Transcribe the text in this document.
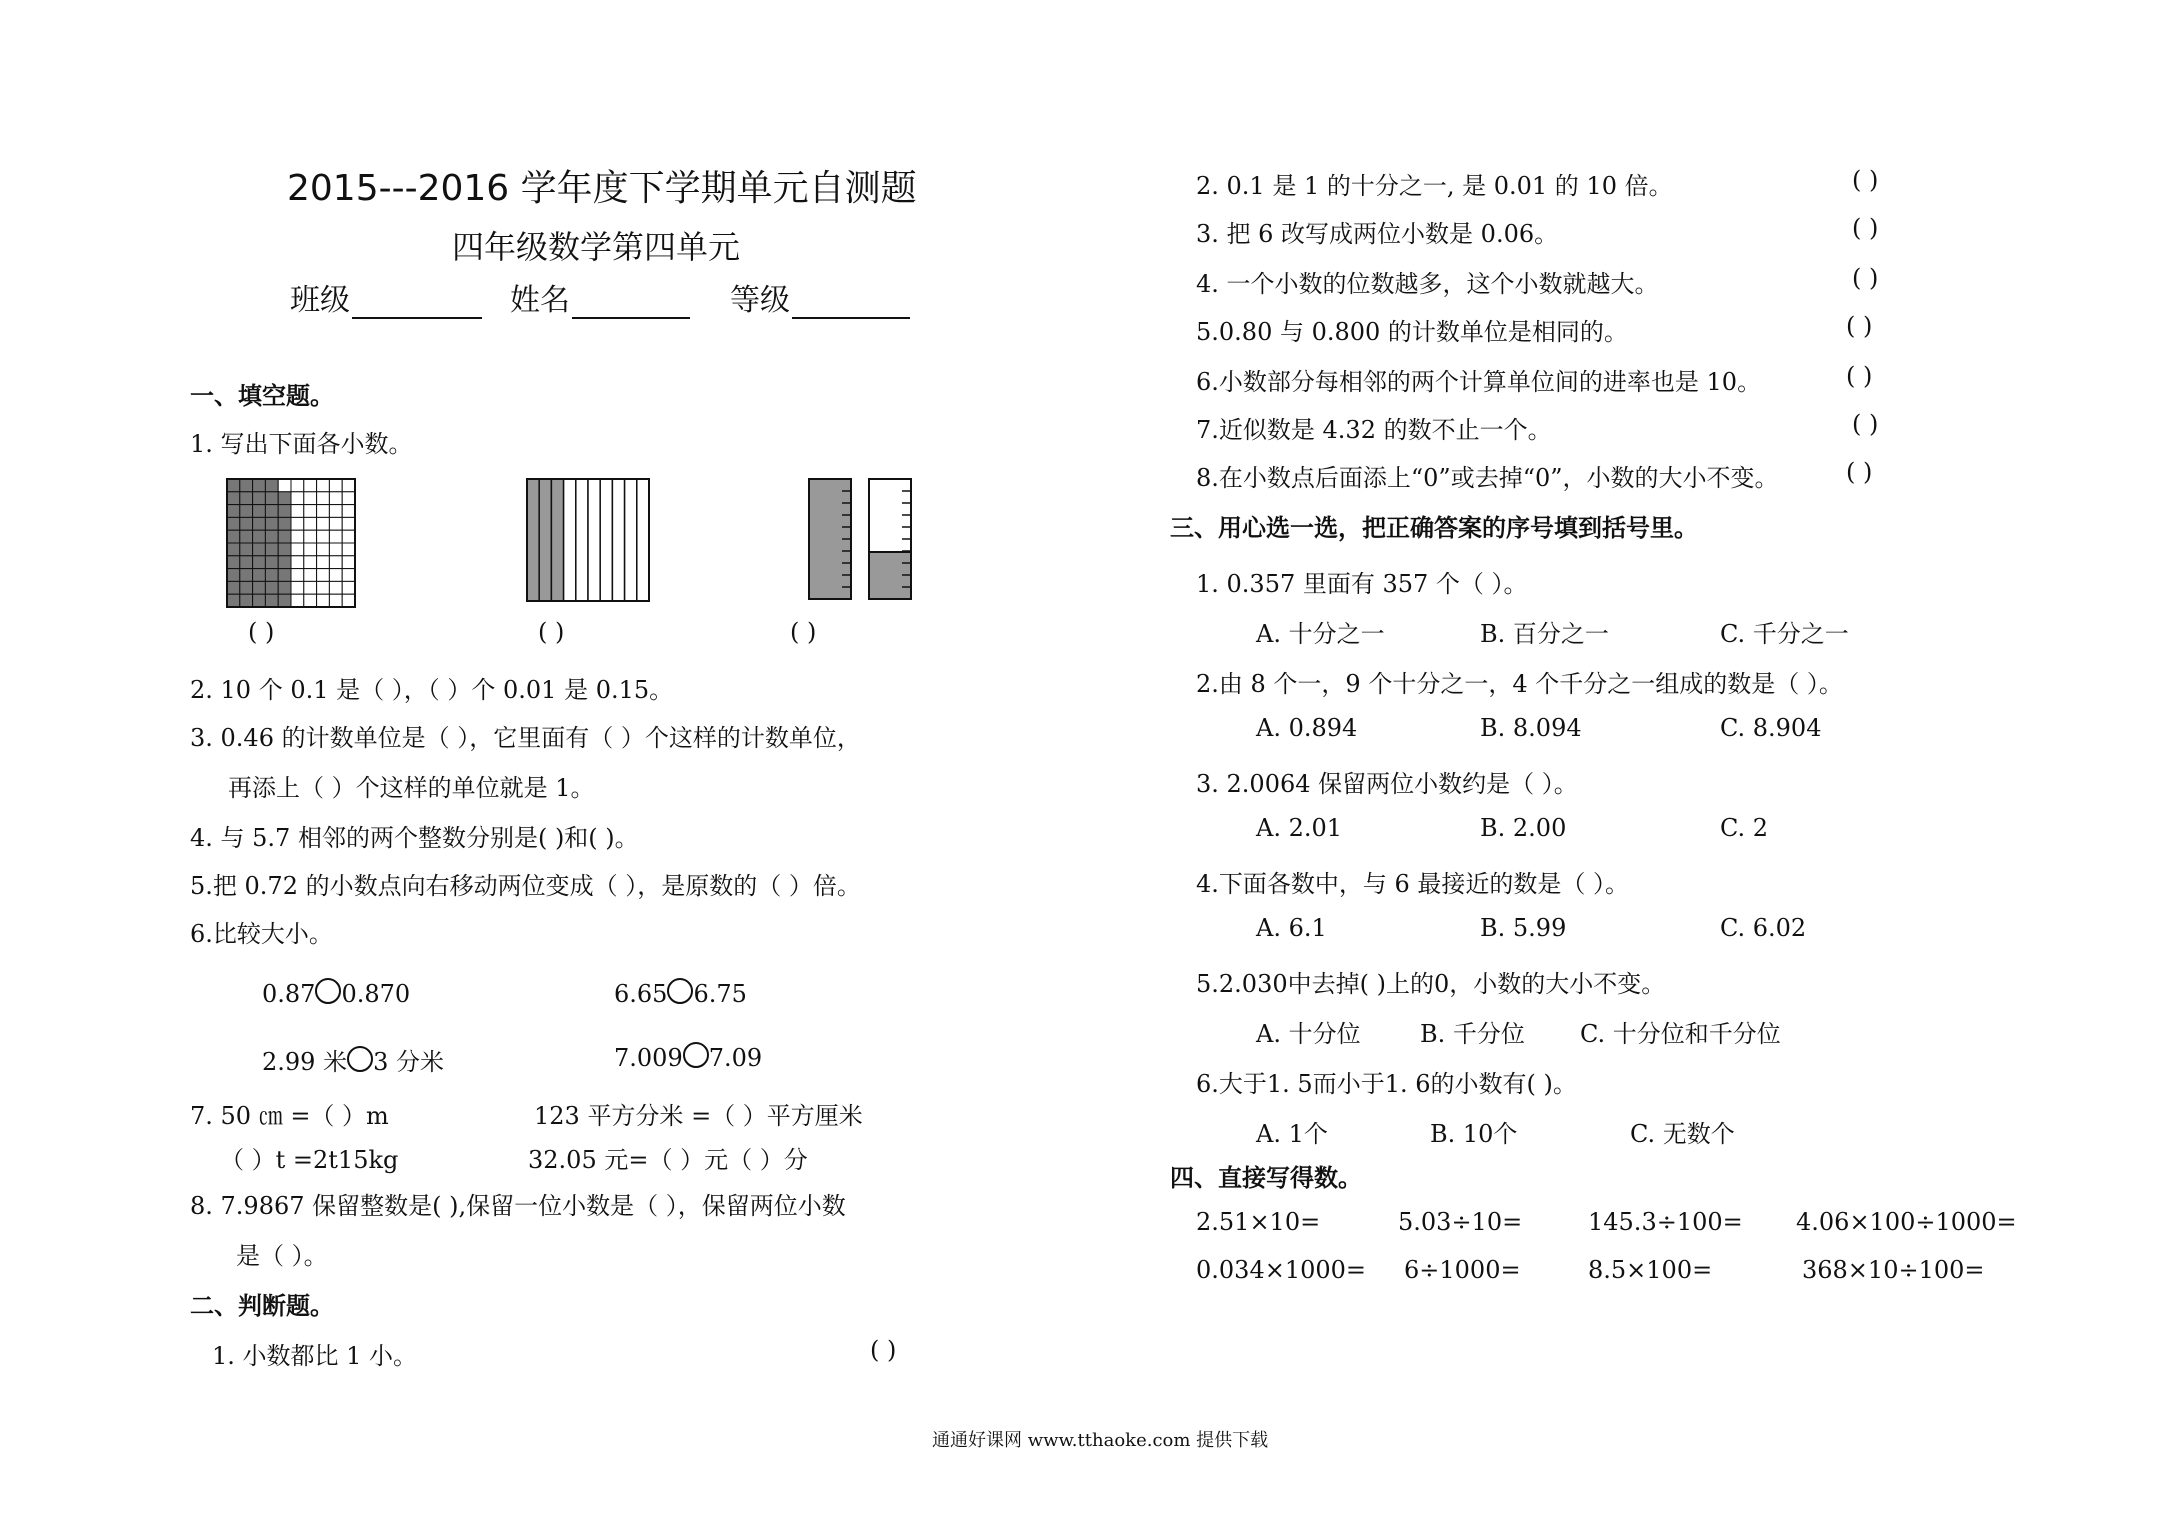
2015---2016 学年度下学期单元自测题
四年级数学第四单元
班级	姓名	等级
一、填空题。
1. 写出下面各小数。
( )	( )	( )
2. 10 个 0.1 是（ ），（ ）个 0.01 是 0.15。
3. 0.46 的计数单位是（ ），它里面有（ ）个这样的计数单位，
再添上（ ）个这样的单位就是 1。
4. 与 5.7 相邻的两个整数分别是( )和( )。
5.把 0.72 的小数点向右移动两位变成（ ），是原数的（ ）倍。
6.比较大小。
0.87 0.870	6.65 6.75
2.99 米 3 分米	7.009 7.09
7. 50 ㎝ =（ ）m	123 平方分米 =（ ）平方厘米
（ ）t =2t15kg	32.05 元=（ ）元（ ）分
8. 7.9867 保留整数是( ),保留一位小数是（ ），保留两位小数
是（ ）。
二、判断题。
1. 小数都比 1 小。	( )
2. 0.1 是 1 的十分之一, 是 0.01 的 10 倍。	( )
3. 把 6 改写成两位小数是 0.06。	( )
4. 一个小数的位数越多，这个小数就越大。	( )
5.0.80 与 0.800 的计数单位是相同的。	( )
6.小数部分每相邻的两个计算单位间的进率也是 10。	( )
7.近似数是 4.32 的数不止一个。	( )
8.在小数点后面添上“0”或去掉“0”，小数的大小不变。	( )
三、用心选一选，把正确答案的序号填到括号里。
1. 0.357 里面有 357 个（ ）。
A. 十分之一	B. 百分之一	C. 千分之一
2.由 8 个一，9 个十分之一，4 个千分之一组成的数是（ ）。
A. 0.894	B. 8.094	C. 8.904
3. 2.0064 保留两位小数约是（ ）。
A. 2.01	B. 2.00	C. 2
4.下面各数中，与 6 最接近的数是（ ）。
A. 6.1	B. 5.99	C. 6.02
5.2.030中去掉( )上的0，小数的大小不变。
A. 十分位 B. 千分位 C. 十分位和千分位
6.大于1. 5而小于1. 6的小数有( )。
A. 1个	B. 10个	C. 无数个
四、直接写得数。
2.51×10=	5.03÷10=	145.3÷100= 4.06×100÷1000=
0.034×1000= 6÷1000=	8.5×100=	368×10÷100=
通通好课网 www.tthaoke.com 提供下载
